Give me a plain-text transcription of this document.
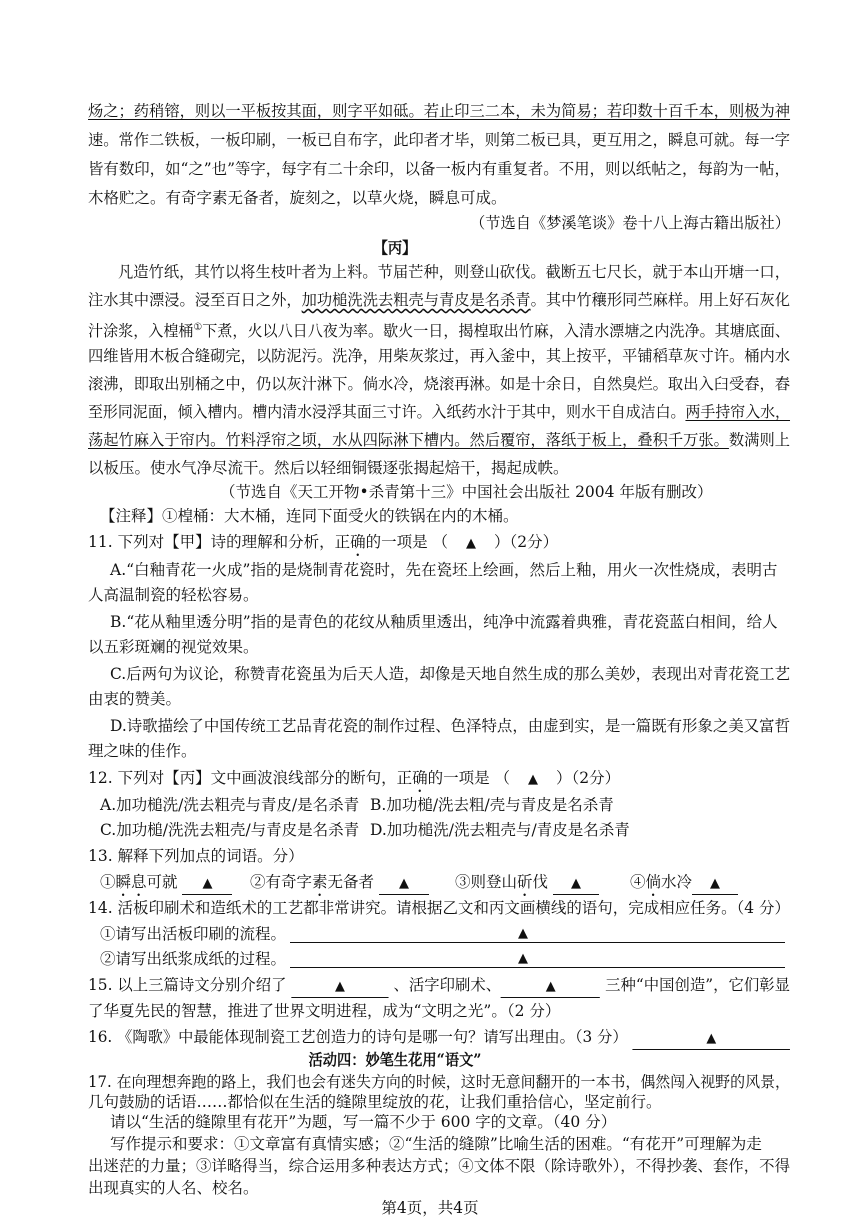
炀之；药稍镕，则以一平板按其面，则字平如砥。若止印三二本，未为简易；若印数十百千本，则极为神
速。常作二铁板，一板印刷，一板已自布字，此印者才毕，则第二板已具，更互用之，瞬息可就。每一字
皆有数印，如“之”也”等字，每字有二十余印，以备一板内有重复者。不用，则以纸帖之，每韵为一帖，
木格贮之。有奇字素无备者，旋刻之，以草火烧，瞬息可成。
（节选自《梦溪笔谈》卷十八上海古籍出版社）
【丙】
凡造竹纸，其竹以将生枝叶者为上料。节届芒种，则登山砍伐。截断五七尺长，就于本山开塘一口，
注水其中漂浸。浸至百日之外，加功槌洗洗去粗壳与青皮是名杀青。其中竹穰形同苎麻样。用上好石灰化
汁涂浆，入楻桶①下煮，火以八日八夜为率。歇火一日，揭楻取出竹麻，入清水漂塘之内洗净。其塘底面、
四维皆用木板合缝砌完，以防泥污。洗净，用柴灰浆过，再入釜中，其上按平，平铺稻草灰寸许。桶内水
滚沸，即取出别桶之中，仍以灰汁淋下。倘水冷，烧滚再淋。如是十余日，自然臭烂。取出入臼受舂，舂
至形同泥面，倾入槽内。槽内清水浸浮其面三寸许。入纸药水汁于其中，则水干自成洁白。两手持帘入水，
荡起竹麻入于帘内。竹料浮帘之顷，水从四际淋下槽内。然后覆帘，落纸于板上，叠积千万张。数满则上
以板压。使水气净尽流干。然后以轻细铜镊逐张揭起焙干，揭起成帙。
（节选自《天工开物•杀青第十三》中国社会出版社 2004 年版有删改）
【注释】①楻桶：大木桶，连同下面受火的铁锅在内的木桶。
11. 下列对【甲】诗的理解和分析，正确的一项是 （ ▲ ）（2分）
A.“白釉青花一火成”指的是烧制青花瓷时，先在瓷坯上绘画，然后上釉，用火一次性烧成，表明古
人高温制瓷的轻松容易。
B.“花从釉里透分明”指的是青色的花纹从釉质里透出，纯净中流露着典雅，青花瓷蓝白相间，给人
以五彩斑斓的视觉效果。
C.后两句为议论，称赞青花瓷虽为后天人造，却像是天地自然生成的那么美妙，表现出对青花瓷工艺
由衷的赞美。
D.诗歌描绘了中国传统工艺品青花瓷的制作过程、色泽特点，由虚到实，是一篇既有形象之美又富哲
理之味的佳作。
12. 下列对【丙】文中画波浪线部分的断句，正确的一项是 （ ▲ ）（2分）
A.加功槌洗/洗去粗壳与青皮/是名杀青 B.加功槌/洗去粗/壳与青皮是名杀青
C.加功槌/洗洗去粗壳/与青皮是名杀青 D.加功槌洗/洗去粗壳与/青皮是名杀青
13. 解释下列加点的词语。分）
①瞬息可就 ▲	②有奇字素无备者 ▲	③则登山斫伐 ▲	④倘水冷 ▲
14. 活板印刷术和造纸术的工艺都非常讲究。请根据乙文和丙文画横线的语句，完成相应任务。（4 分）
①请写出活板印刷的流程。	▲
②请写出纸浆成纸的过程。	▲
15. 以上三篇诗文分别介绍了	▲	、活字印刷术、	▲	三种“中国创造”，它们彰显
了华夏先民的智慧，推进了世界文明进程，成为“文明之光”。（2 分）
16. 《陶歌》中最能体现制瓷工艺创造力的诗句是哪一句？请写出理由。（3 分）	▲
活动四：妙笔生花用“语文”
17. 在向理想奔跑的路上，我们也会有迷失方向的时候，这时无意间翻开的一本书，偶然闯入视野的风景，
几句鼓励的话语……都恰似在生活的缝隙里绽放的花，让我们重拾信心，坚定前行。
请以“生活的缝隙里有花开”为题，写一篇不少于 600 字的文章。（40 分）
写作提示和要求：①文章富有真情实感；②“生活的缝隙”比喻生活的困难。“有花开”可理解为走
出迷茫的力量；③详略得当，综合运用多种表达方式；④文体不限（除诗歌外），不得抄袭、套作，不得
出现真实的人名、校名。
第4页，共4页
